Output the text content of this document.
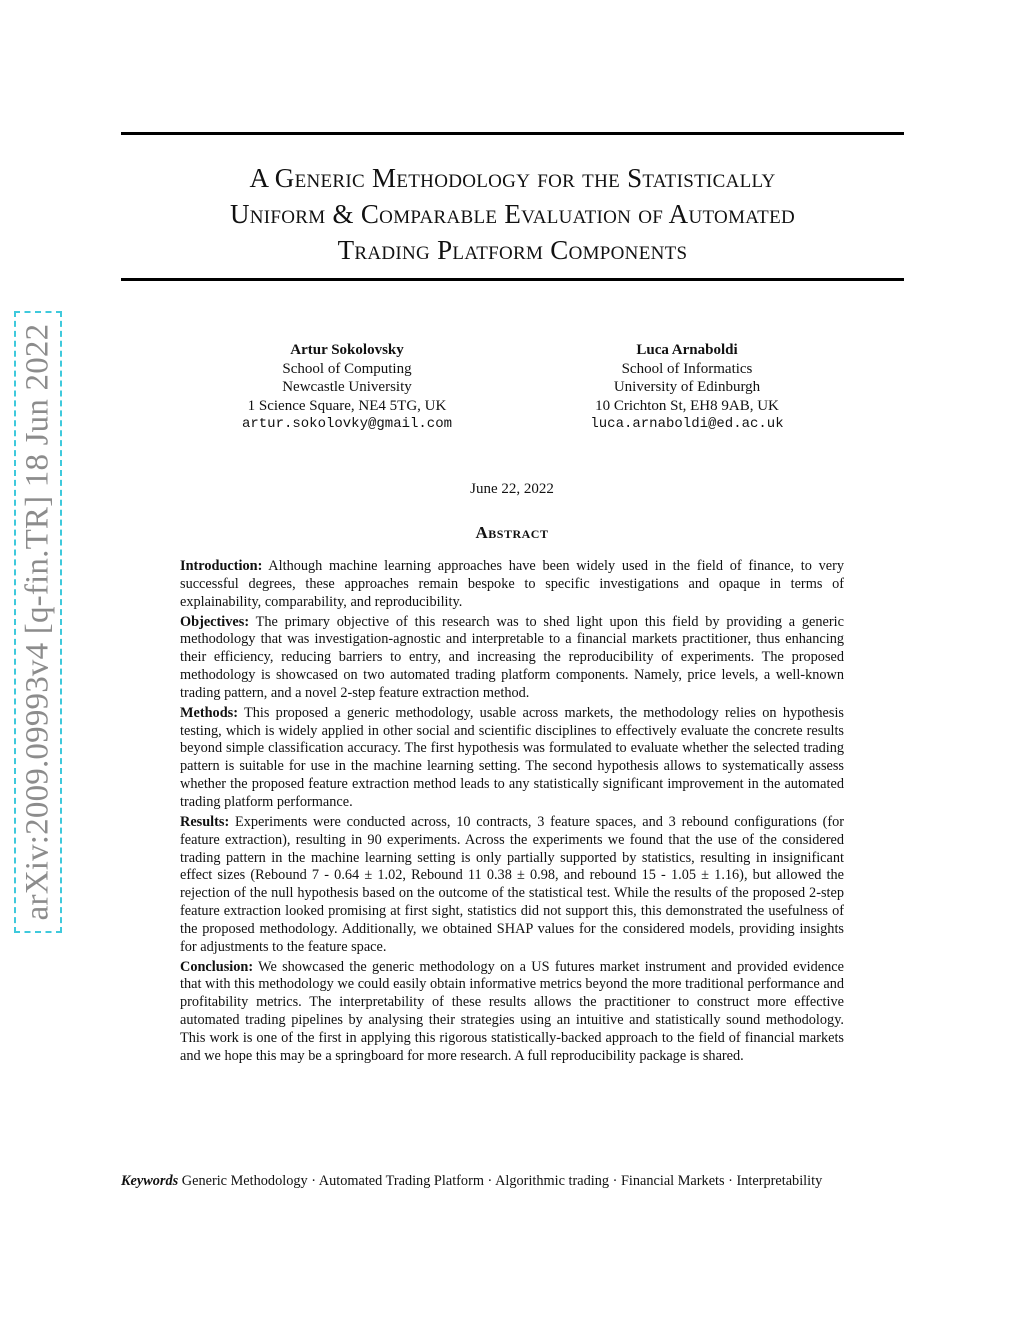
A Generic Methodology for the Statistically
Uniform & Comparable Evaluation of Automated
Trading Platform Components
Artur Sokolovsky
School of Computing
Newcastle University
1 Science Square, NE4 5TG, UK
artur.sokolovky@gmail.com
Luca Arnaboldi
School of Informatics
University of Edinburgh
10 Crichton St, EH8 9AB, UK
luca.arnaboldi@ed.ac.uk
June 22, 2022
Abstract

Introduction: Although machine learning approaches have been widely used in the field of finance, to very successful degrees, these approaches remain bespoke to specific investigations and opaque in terms of explainability, comparability, and reproducibility.

Objectives: The primary objective of this research was to shed light upon this field by providing a generic methodology that was investigation-agnostic and interpretable to a financial markets practitioner, thus enhancing their efficiency, reducing barriers to entry, and increasing the reproducibility of experiments. The proposed methodology is showcased on two automated trading platform components. Namely, price levels, a well-known trading pattern, and a novel 2-step feature extraction method.

Methods: This proposed a generic methodology, usable across markets, the methodology relies on hypothesis testing, which is widely applied in other social and scientific disciplines to effectively evaluate the concrete results beyond simple classification accuracy. The first hypothesis was formulated to evaluate whether the selected trading pattern is suitable for use in the machine learning setting. The second hypothesis allows to systematically assess whether the proposed feature extraction method leads to any statistically significant improvement in the automated trading platform performance.

Results: Experiments were conducted across, 10 contracts, 3 feature spaces, and 3 rebound configurations (for feature extraction), resulting in 90 experiments. Across the experiments we found that the use of the considered trading pattern in the machine learning setting is only partially supported by statistics, resulting in insignificant effect sizes (Rebound 7 - 0.64 ± 1.02, Rebound 11 0.38 ± 0.98, and rebound 15 - 1.05 ± 1.16), but allowed the rejection of the null hypothesis based on the outcome of the statistical test. While the results of the proposed 2-step feature extraction looked promising at first sight, statistics did not support this, this demonstrated the usefulness of the proposed methodology. Additionally, we obtained SHAP values for the considered models, providing insights for adjustments to the feature space.

Conclusion: We showcased the generic methodology on a US futures market instrument and provided evidence that with this methodology we could easily obtain informative metrics beyond the more traditional performance and profitability metrics. The interpretability of these results allows the practitioner to construct more effective automated trading pipelines by analysing their strategies using an intuitive and statistically sound methodology. This work is one of the first in applying this rigorous statistically-backed approach to the field of financial markets and we hope this may be a springboard for more research. A full reproducibility package is shared.

Keywords Generic Methodology · Automated Trading Platform · Algorithmic trading · Financial Markets · Interpretability
arXiv:2009.09993v4 [q-fin.TR] 18 Jun 2022
